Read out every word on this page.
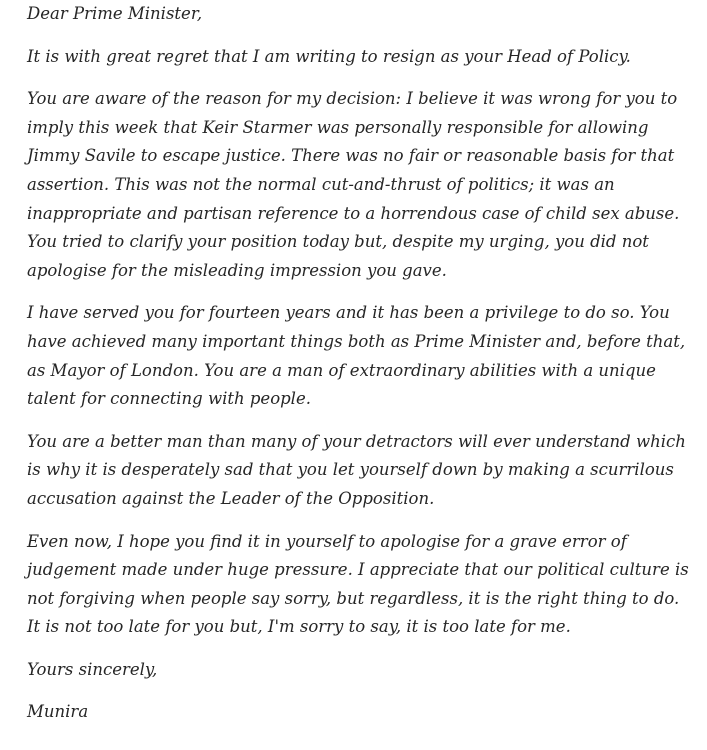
Dear Prime Minister,

It is with great regret that I am writing to resign as your Head of Policy.

You are aware of the reason for my decision: I believe it was wrong for you to imply this week that Keir Starmer was personally responsible for allowing Jimmy Savile to escape justice. There was no fair or reasonable basis for that assertion. This was not the normal cut-and-thrust of politics; it was an inappropriate and partisan reference to a horrendous case of child sex abuse. You tried to clarify your position today but, despite my urging, you did not apologise for the misleading impression you gave.

I have served you for fourteen years and it has been a privilege to do so. You have achieved many important things both as Prime Minister and, before that, as Mayor of London. You are a man of extraordinary abilities with a unique talent for connecting with people.

You are a better man than many of your detractors will ever understand which is why it is desperately sad that you let yourself down by making a scurrilous accusation against the Leader of the Opposition.

Even now, I hope you find it in yourself to apologise for a grave error of judgement made under huge pressure. I appreciate that our political culture is not forgiving when people say sorry, but regardless, it is the right thing to do. It is not too late for you but, I'm sorry to say, it is too late for me.

Yours sincerely,

Munira
